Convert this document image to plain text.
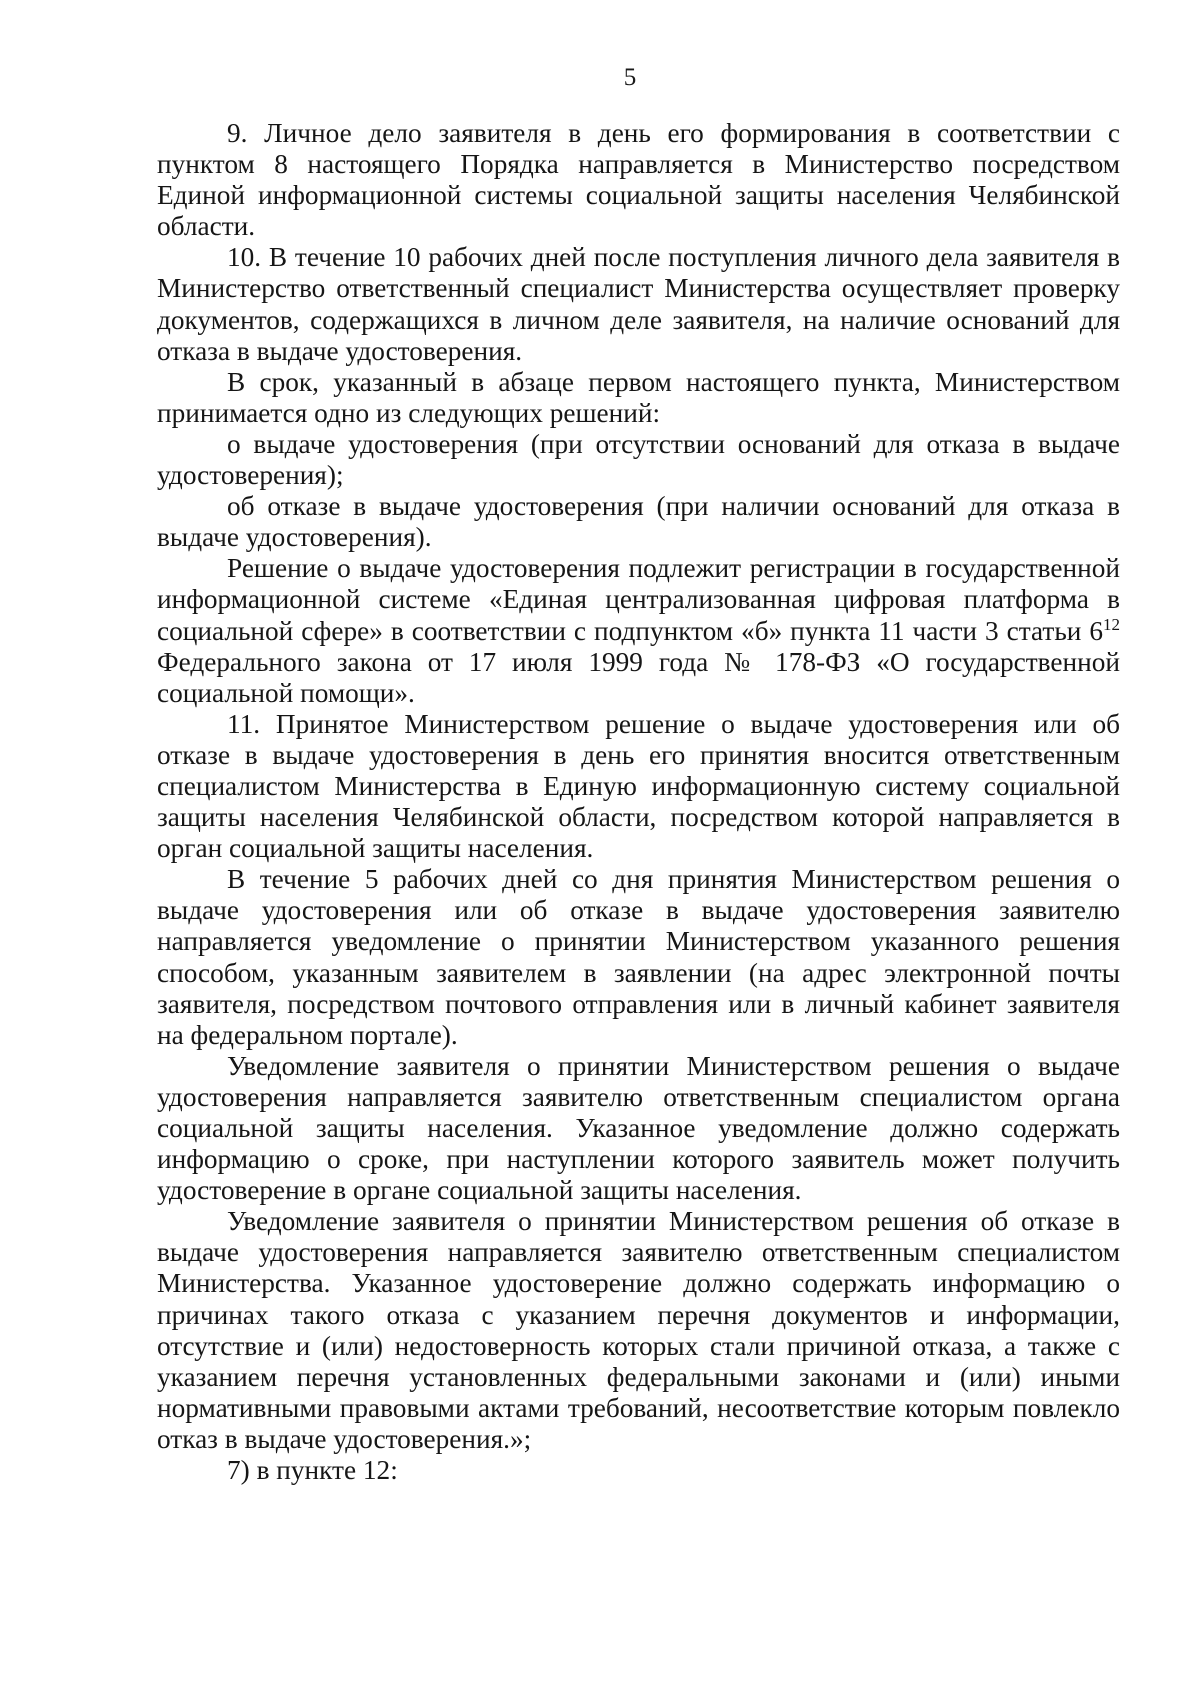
5

9. Личное дело заявителя в день его формирования в соответствии с пунктом 8 настоящего Порядка направляется в Министерство посредством Единой информационной системы социальной защиты населения Челябинской области.

10. В течение 10 рабочих дней после поступления личного дела заявителя в Министерство ответственный специалист Министерства осуществляет проверку документов, содержащихся в личном деле заявителя, на наличие оснований для отказа в выдаче удостоверения.

В срок, указанный в абзаце первом настоящего пункта, Министерством принимается одно из следующих решений:

о выдаче удостоверения (при отсутствии оснований для отказа в выдаче удостоверения);

об отказе в выдаче удостоверения (при наличии оснований для отказа в выдаче удостоверения).

Решение о выдаче удостоверения подлежит регистрации в государственной информационной системе «Единая централизованная цифровая платформа в социальной сфере» в соответствии с подпунктом «б» пункта 11 части 3 статьи $6^{12}$ Федерального закона от 17 июля 1999 года № 178-ФЗ «О государственной социальной помощи».

11. Принятое Министерством решение о выдаче удостоверения или об отказе в выдаче удостоверения в день его принятия вносится ответственным специалистом Министерства в Единую информационную систему социальной защиты населения Челябинской области, посредством которой направляется в орган социальной защиты населения.

В течение 5 рабочих дней со дня принятия Министерством решения о выдаче удостоверения или об отказе в выдаче удостоверения заявителю направляется уведомление о принятии Министерством указанного решения способом, указанным заявителем в заявлении (на адрес электронной почты заявителя, посредством почтового отправления или в личный кабинет заявителя на федеральном портале).

Уведомление заявителя о принятии Министерством решения о выдаче удостоверения направляется заявителю ответственным специалистом органа социальной защиты населения. Указанное уведомление должно содержать информацию о сроке, при наступлении которого заявитель может получить удостоверение в органе социальной защиты населения.

Уведомление заявителя о принятии Министерством решения об отказе в выдаче удостоверения направляется заявителю ответственным специалистом Министерства. Указанное удостоверение должно содержать информацию о причинах такого отказа с указанием перечня документов и информации, отсутствие и (или) недостоверность которых стали причиной отказа, а также с указанием перечня установленных федеральными законами и (или) иными нормативными правовыми актами требований, несоответствие которым повлекло отказ в выдаче удостоверения.»;

7) в пункте 12:
